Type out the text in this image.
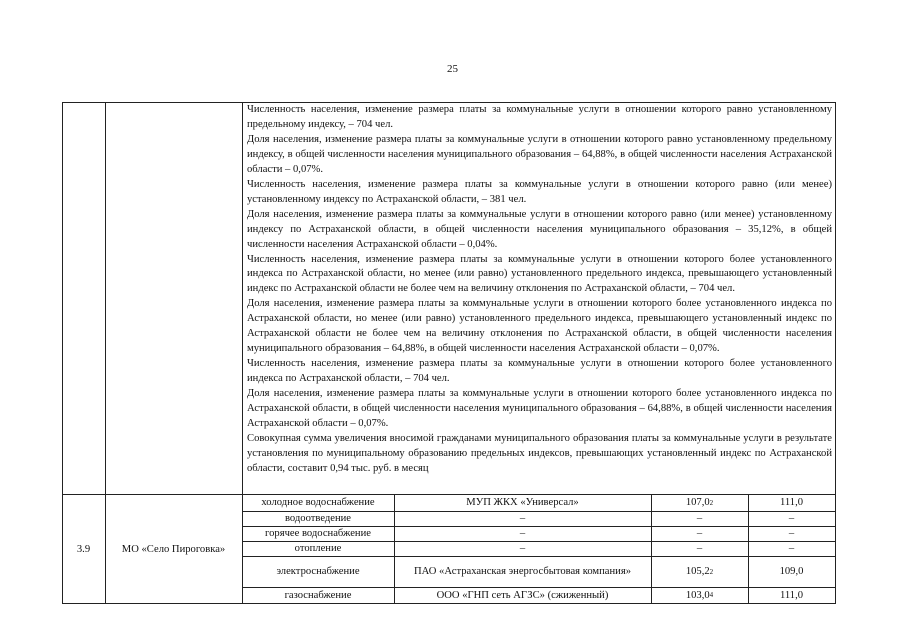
25

Численность населения, изменение размера платы за коммунальные услуги в отношении которого равно установленному предельному индексу, – 704 чел.

Доля населения, изменение размера платы за коммунальные услуги в отношении которого равно установленному предельному индексу, в общей численности населения муниципального образования – 64,88%, в общей численности населения Астраханской области – 0,07%.

Численность населения, изменение размера платы за коммунальные услуги в отношении которого равно (или менее) установленному индексу по Астраханской области, – 381 чел.

Доля населения, изменение размера платы за коммунальные услуги в отношении которого равно (или менее) установленному индексу по Астраханской области, в общей численности населения муниципального образования – 35,12%, в общей численности населения Астраханской области – 0,04%.

Численность населения, изменение размера платы за коммунальные услуги в отношении которого более установленного индекса по Астраханской области, но менее (или равно) установленного предельного индекса, превышающего установленный индекс по Астраханской области не более чем на величину отклонения по Астраханской области, – 704 чел.

Доля населения, изменение размера платы за коммунальные услуги в отношении которого более установленного индекса по Астраханской области, но менее (или равно) установленного предельного индекса, превышающего установленный индекс по Астраханской области не более чем на величину отклонения по Астраханской области, в общей численности населения муниципального образования – 64,88%, в общей численности населения Астраханской области – 0,07%.

Численность населения, изменение размера платы за коммунальные услуги в отношении которого более установленного индекса по Астраханской области, – 704 чел.

Доля населения, изменение размера платы за коммунальные услуги в отношении которого более установленного индекса по Астраханской области, в общей численности населения муниципального образования – 64,88%, в общей численности населения Астраханской области – 0,07%.

Совокупная сумма увеличения вносимой гражданами муниципального образования платы за коммунальные услуги в результате установления по муниципальному образованию предельных индексов, превышающих установленный индекс по Астраханской области, составит 0,94 тыс. руб. в месяц

3.9	МО «Село Пироговка»
холодное водоснабжение	МУП ЖКХ «Универсал»	107,0 2	111,0
водоотведение	–	–	–
горячее водоснабжение	–	–	–
отопление	–	–	–
электроснабжение	ПАО «Астраханская энергосбытовая компания»	105,2 2	109,0
газоснабжение	ООО «ГНП сеть АГЗС» (сжиженный)	103,0 4	111,0
